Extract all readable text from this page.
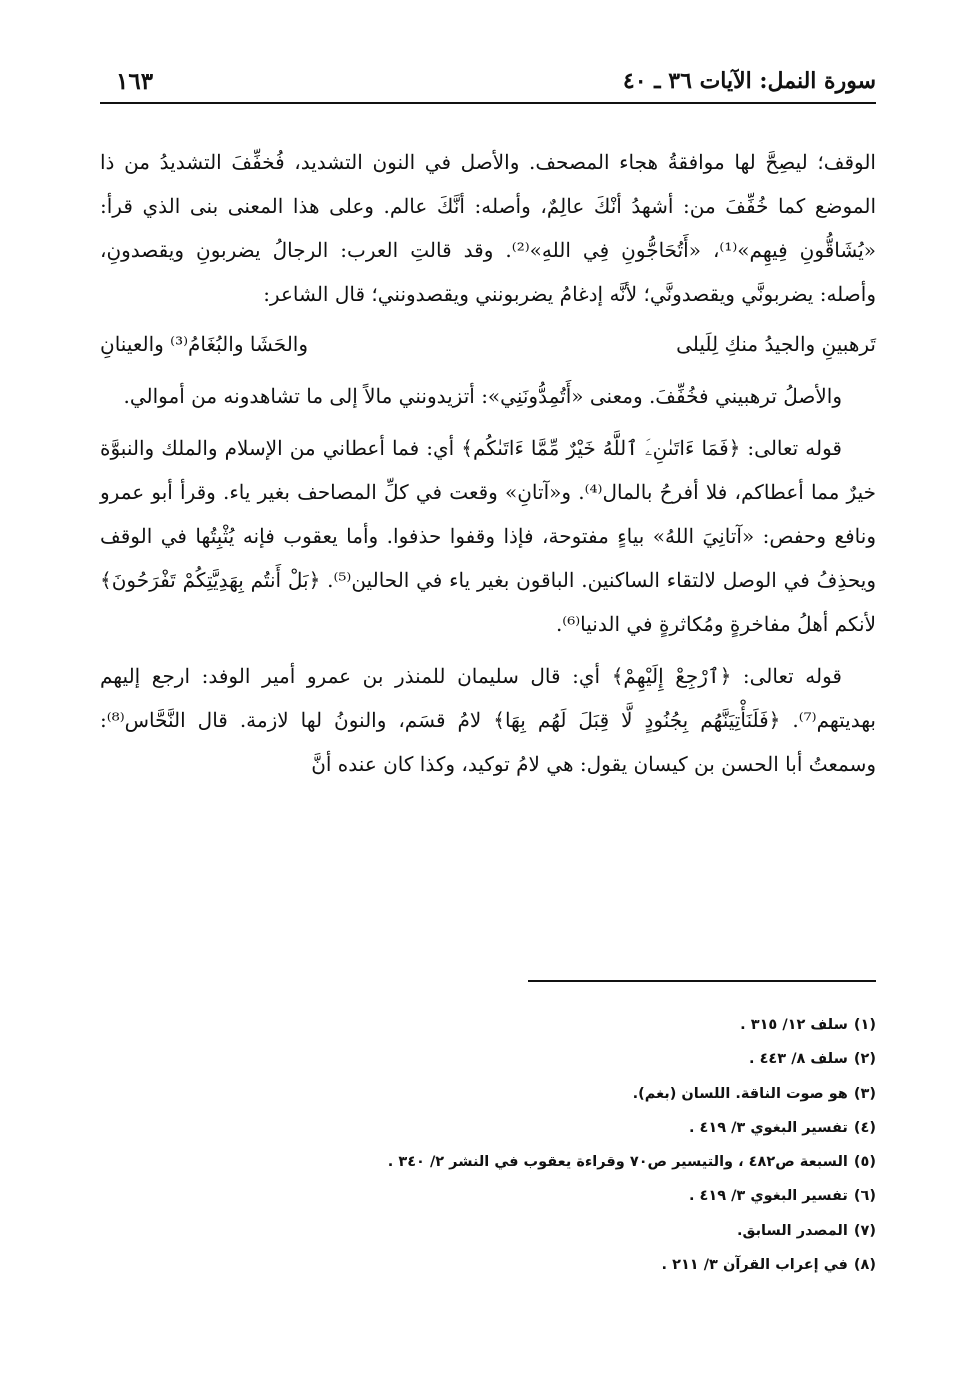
سورة النمل: الآيات ٣٦ ـ ٤٠
١٦٣

الوقف؛ ليصِحَّ لها موافقةُ هجاء المصحف. والأصل في النون التشديد، فُخفِّفَ التشديدُ من ذا الموضع كما خُفِّفَ من: أشهدُ أنْكَ عالِمٌ، وأصله: أنَّكَ عالم. وعلى هذا المعنى بنى الذي قرأ: «يُشَاقُّونِ فِيهِم»⁽¹⁾، «أَتُحَاجُّونِ فِي اللهِ»⁽²⁾. وقد قالتِ العرب: الرجالُ يضربونِ ويقصدونِ، وأصله: يضربونَّي ويقصدونَّي؛ لأنَّه إدغامُ يضربونني ويقصدونني؛ قال الشاعر:

تَرهبينِ والجيدُ منكِ لِلَيلى
والحَشَا والبُغَامُ⁽³⁾ والعينانِ

والأصلُ ترهبيني فخُفِّفَ. ومعنى «أَتُمِدُّونَنِي»: أتزيدونني مالاً إلى ما تشاهدونه من أموالي.

قوله تعالى: ﴿فَمَا ءَاتَىٰنِۦَ ٱللَّهُ خَيْرٌ مِّمَّا ءَاتَىٰكُم﴾ أي: فما أعطاني من الإسلام والملك والنبوَّة خيرٌ مما أعطاكم، فلا أفرحُ بالمال⁽⁴⁾. و«آتانِ» وقعت في كلِّ المصاحف بغير ياء. وقرأ أبو عمرو ونافع وحفص: «آتانِيَ اللهُ» بياءٍ مفتوحة، فإذا وقفوا حذفوا. وأما يعقوب فإنه يُثْبِتُها في الوقف ويحذِفُ في الوصل لالتقاء الساكنين. الباقون بغير ياء في الحالين⁽⁵⁾. ﴿بَلْ أَنتُم بِهَدِيَّتِكُمْ تَفْرَحُونَ﴾ لأنكم أهلُ مفاخرةٍ ومُكاثرةٍ في الدنيا⁽⁶⁾.

قوله تعالى: ﴿ٱرْجِعْ إِلَيْهِمْ﴾ أي: قال سليمان للمنذر بن عمرو أمير الوفد: ارجع إليهم بهديتهم⁽⁷⁾. ﴿فَلَنَأْتِيَنَّهُم بِجُنُودٍ لَّا قِبَلَ لَهُم بِهَا﴾ لامُ قسَم، والنونُ لها لازمة. قال النَّحَّاس⁽⁸⁾: وسمعتُ أبا الحسن بن كيسان يقول: هي لامُ توكيد، وكذا كان عنده أنَّ

(١)سلف ١٢/ ٣١٥ .
(٢)سلف ٨/ ٤٤٣ .
(٣)هو صوت الناقة. اللسان (بغم).
(٤)تفسير البغوي ٣/ ٤١٩ .
(٥)السبعة ص٤٨٢ ، والتيسير ص٧٠ وقراءة يعقوب في النشر ٢/ ٣٤٠ .
(٦)تفسير البغوي ٣/ ٤١٩ .
(٧)المصدر السابق.
(٨)في إعراب القرآن ٣/ ٢١١ .
